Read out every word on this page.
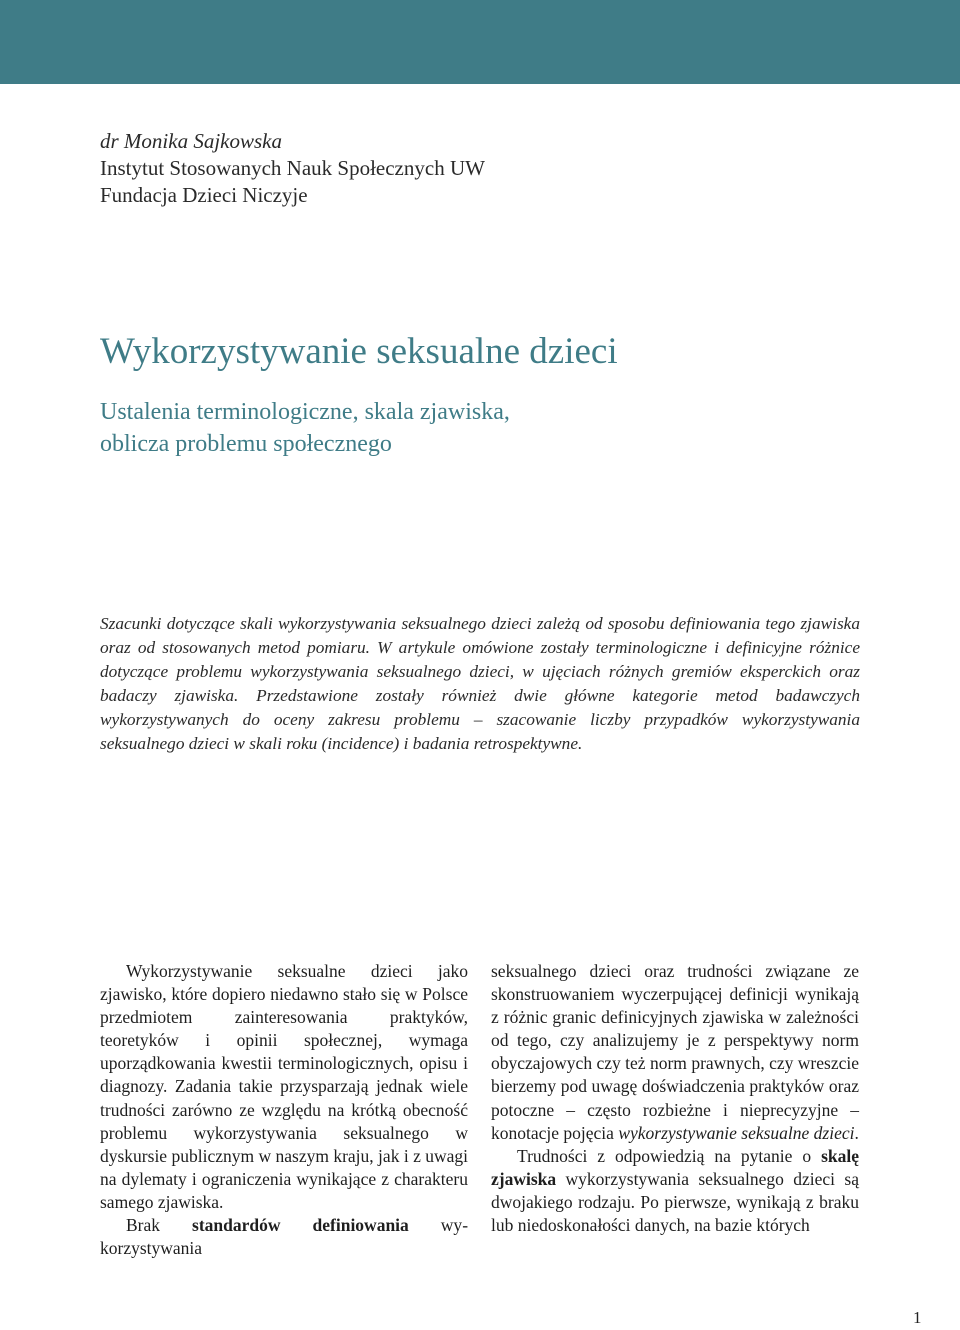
dr Monika Sajkowska
Instytut Stosowanych Nauk Społecznych UW
Fundacja Dzieci Niczyje
Wykorzystywanie seksualne dzieci
Ustalenia terminologiczne, skala zjawiska,
oblicza problemu społecznego

Szacunki dotyczące skali wykorzystywania seksualnego dzieci zależą od sposobu definiowania tego zjawiska oraz od stosowanych metod pomiaru. W artykule omówione zostały terminologiczne i definicyjne różnice dotyczące problemu wykorzystywania seksualnego dzieci, w ujęciach różnych gremiów eksperckich oraz badaczy zjawiska. Przedstawione zostały również dwie główne kategorie metod badawczych wykorzystywanych do oceny zakresu problemu – szacowanie liczby przypadków wykorzystywania seksualnego dzieci w skali roku (incidence) i badania retrospektywne.

Wykorzystywanie seksualne dzieci jako zjawisko, które dopiero niedawno stało się w Polsce przedmiotem zainteresowania praktyków, teoretyków i opinii społecznej, wymaga uporządkowania kwestii terminologicznych, opisu i diagnozy. Zadania takie przysparzają jednak wiele trudności zarówno ze względu na krótką obecność problemu wykorzystywania seksualnego w dyskursie publicznym w naszym kraju, jak i z uwagi na dylematy i ograniczenia wynikające z charakteru samego zjawiska.

Brak standardów definiowania wykorzystywania

seksualnego dzieci oraz trudności związane ze skonstruowaniem wyczerpującej definicji wynikają z różnic granic definicyjnych zjawiska w zależności od tego, czy analizujemy je z perspektywy norm obyczajowych czy też norm prawnych, czy wreszcie bierzemy pod uwagę doświadczenia praktyków oraz potoczne – często rozbieżne i nieprecyzyjne – konotacje pojęcia wykorzystywanie seksualne dzieci.

Trudności z odpowiedzią na pytanie o skalę zjawiska wykorzystywania seksualnego dzieci są dwojakiego rodzaju. Po pierwsze, wynikają z braku lub niedoskonałości danych, na bazie których

1
